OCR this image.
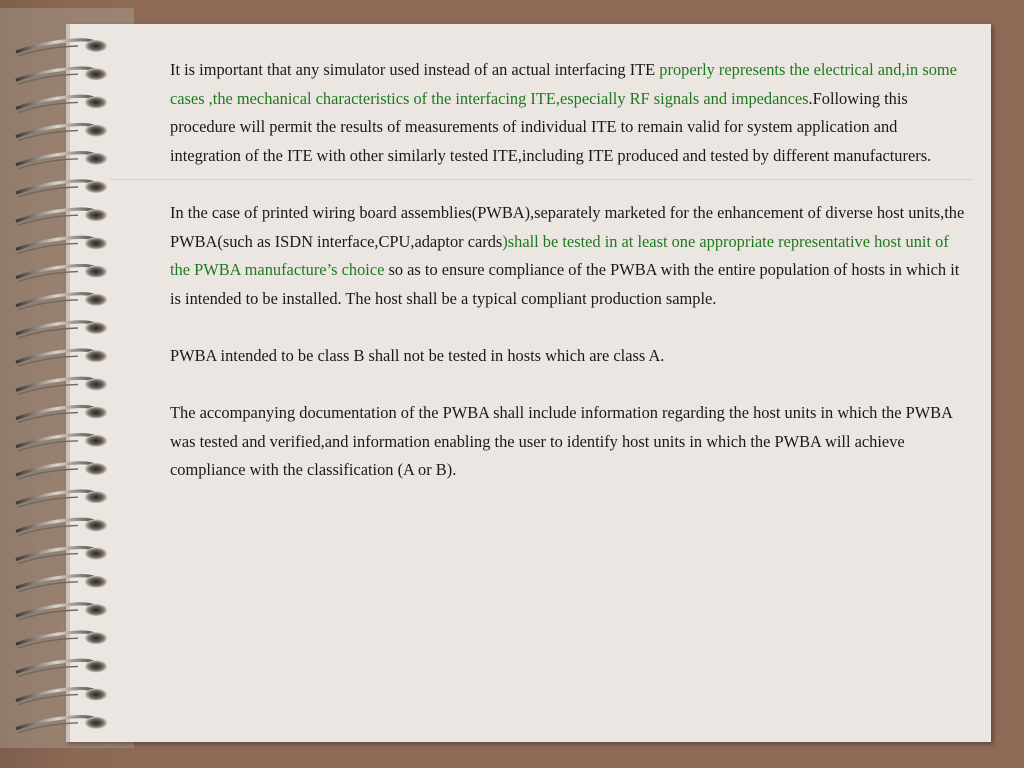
It is important that any simulator used instead of an actual interfacing ITE properly represents the electrical and,in some cases ,the mechanical characteristics of the interfacing ITE,especially RF signals and impedances.Following this procedure will permit the results of measurements of individual ITE to remain valid for system application and integration of the ITE with other similarly tested ITE,including ITE produced and tested by different manufacturers.

In the case of printed wiring board assemblies(PWBA),separately marketed for the enhancement of diverse host units,the PWBA(such as ISDN interface,CPU,adaptor cards)shall be tested in at least one appropriate representative host unit of the PWBA manufacture’s choice so as to ensure compliance of the PWBA with the entire population of hosts in which it is intended to be installed. The host shall be a typical compliant production sample.

PWBA intended to be class B shall not be tested in hosts which are class A.

The accompanying documentation of the PWBA shall include information regarding the host units in which the PWBA was tested and verified,and information enabling the user to identify host units in which the PWBA will achieve compliance with the classification (A or B).
